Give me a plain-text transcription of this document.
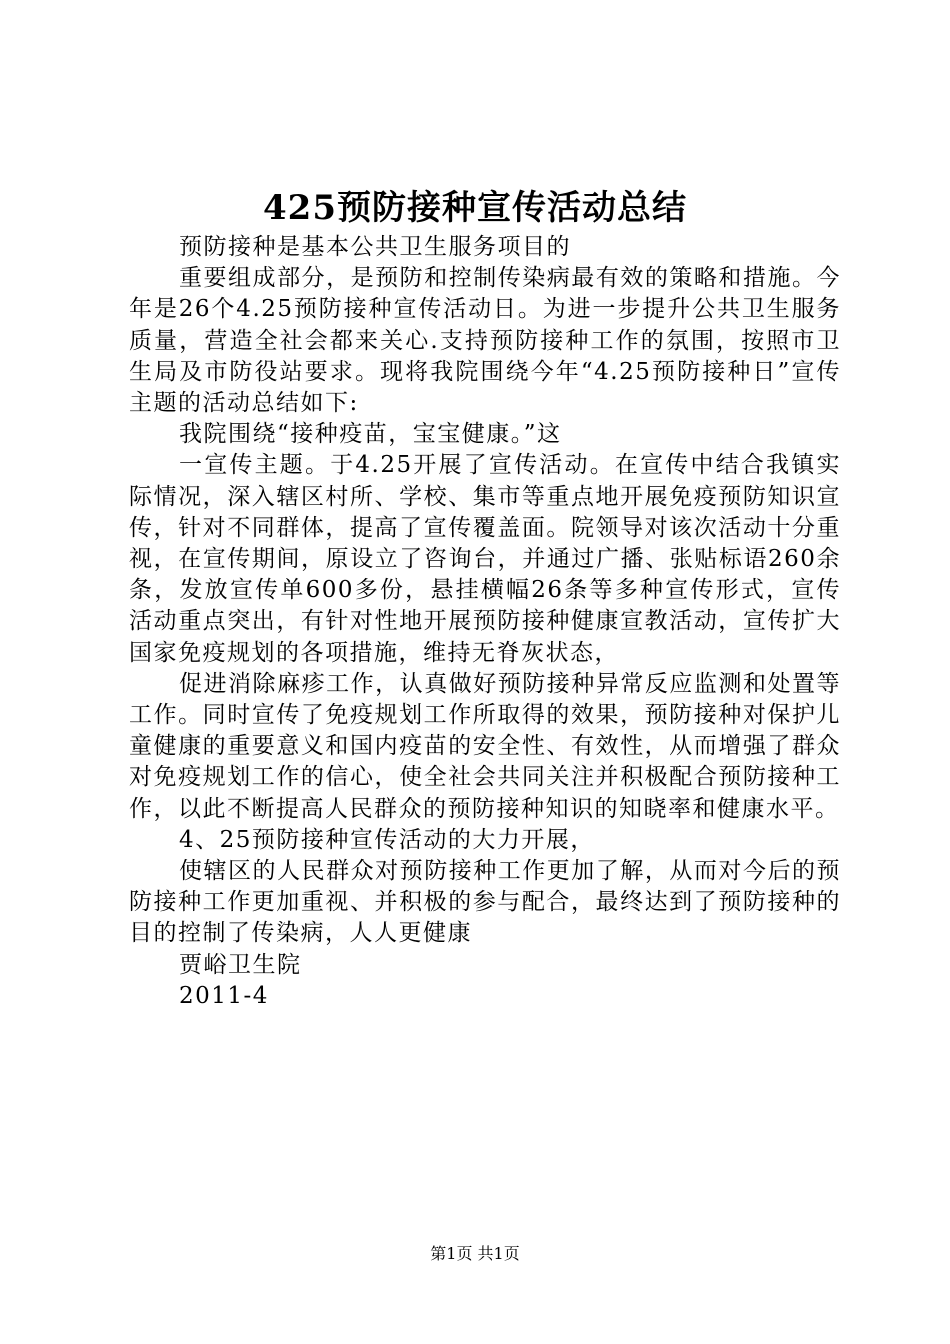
425预防接种宣传活动总结

预防接种是基本公共卫生服务项目的

重要组成部分，是预防和控制传染病最有效的策略和措施。今年是26个4.25预防接种宣传活动日。为进一步提升公共卫生服务质量，营造全社会都来关心.支持预防接种工作的氛围，按照市卫生局及市防役站要求。现将我院围绕今年“4.25预防接种日”宣传主题的活动总结如下:

我院围绕“接种疫苗，宝宝健康。”这

一宣传主题。于4.25开展了宣传活动。在宣传中结合我镇实际情况，深入辖区村所、学校、集市等重点地开展免疫预防知识宣传，针对不同群体，提高了宣传覆盖面。院领导对该次活动十分重视，在宣传期间，原设立了咨询台，并通过广播、张贴标语260余条，发放宣传单600多份，悬挂横幅26条等多种宣传形式，宣传活动重点突出，有针对性地开展预防接种健康宣教活动，宣传扩大国家免疫规划的各项措施，维持无脊灰状态，

促进消除麻疹工作，认真做好预防接种异常反应监测和处置等工作。同时宣传了免疫规划工作所取得的效果，预防接种对保护儿童健康的重要意义和国内疫苗的安全性、有效性，从而增强了群众对免疫规划工作的信心，使全社会共同关注并积极配合预防接种工作，以此不断提高人民群众的预防接种知识的知晓率和健康水平。

4、25预防接种宣传活动的大力开展，

使辖区的人民群众对预防接种工作更加了解，从而对今后的预防接种工作更加重视、并积极的参与配合，最终达到了预防接种的目的控制了传染病，人人更健康

贾峪卫生院

2011-4

第1页 共1页
